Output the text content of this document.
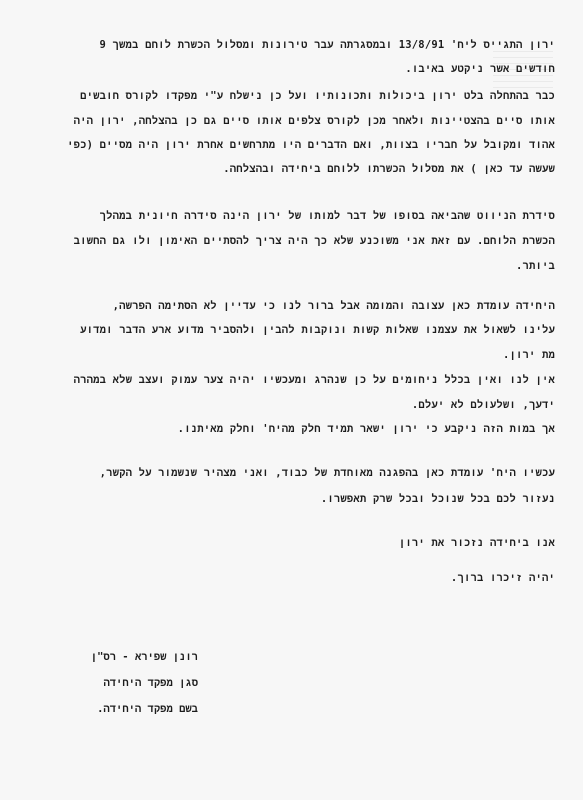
ירון התגייס ליח' 13/8/91 ובמסגרתה עבר טירונות ומסלול הכשרת לוחם במשך 9
חודשים אשר ניקטע באיבו.
כבר בהתחלה בלט ירון ביכולות ותכונותיו ועל כן נישלח ע"י מפקדו לקורס חובשים
אותו סיים בהצטיינות ולאחר מכן לקורס צלפים אותו סיים גם כן בהצלחה, ירון היה
אהוד ומקובל על חבריו בצוות, ואם הדברים היו מתרחשים אחרת ירון היה מסיים (כפי
שעשה עד כאן ) את מסלול הכשרתו ללוחם ביחידה ובהצלחה.
סידרת הניווט שהביאה בסופו של דבר למותו של ירון הינה סידרה חיונית במהלך
הכשרת הלוחם. עם זאת אני משוכנע שלא כך היה צריך להסתיים האימון ולו גם החשוב
ביותר.
היחידה עומדת כאן עצובה והמומה אבל ברור לנו כי עדיין לא הסתימה הפרשה,
עלינו לשאול את עצמנו שאלות קשות ונוקבות להבין ולהסביר מדוע ארע הדבר ומדוע
מת ירון.
אין לנו ואין בכלל ניחומים על כן שנהרג ומעכשיו יהיה צער עמוק ועצב שלא במהרה
ידעך, ושלעולם לא יעלם.
אך במות הזה ניקבע כי ירון ישאר תמיד חלק מהיח' וחלק מאיתנו.
עכשיו היח' עומדת כאן בהפגנה מאוחדת של כבוד, ואני מצהיר שנשמור על הקשר,
נעזור לכם בכל שנוכל ובכל שרק תאפשרו.
אנו ביחידה נזכור את ירון
יהיה זיכרו ברוך.
רונן שפירא - רס"ן
סגן מפקד היחידה
בשם מפקד היחידה.
